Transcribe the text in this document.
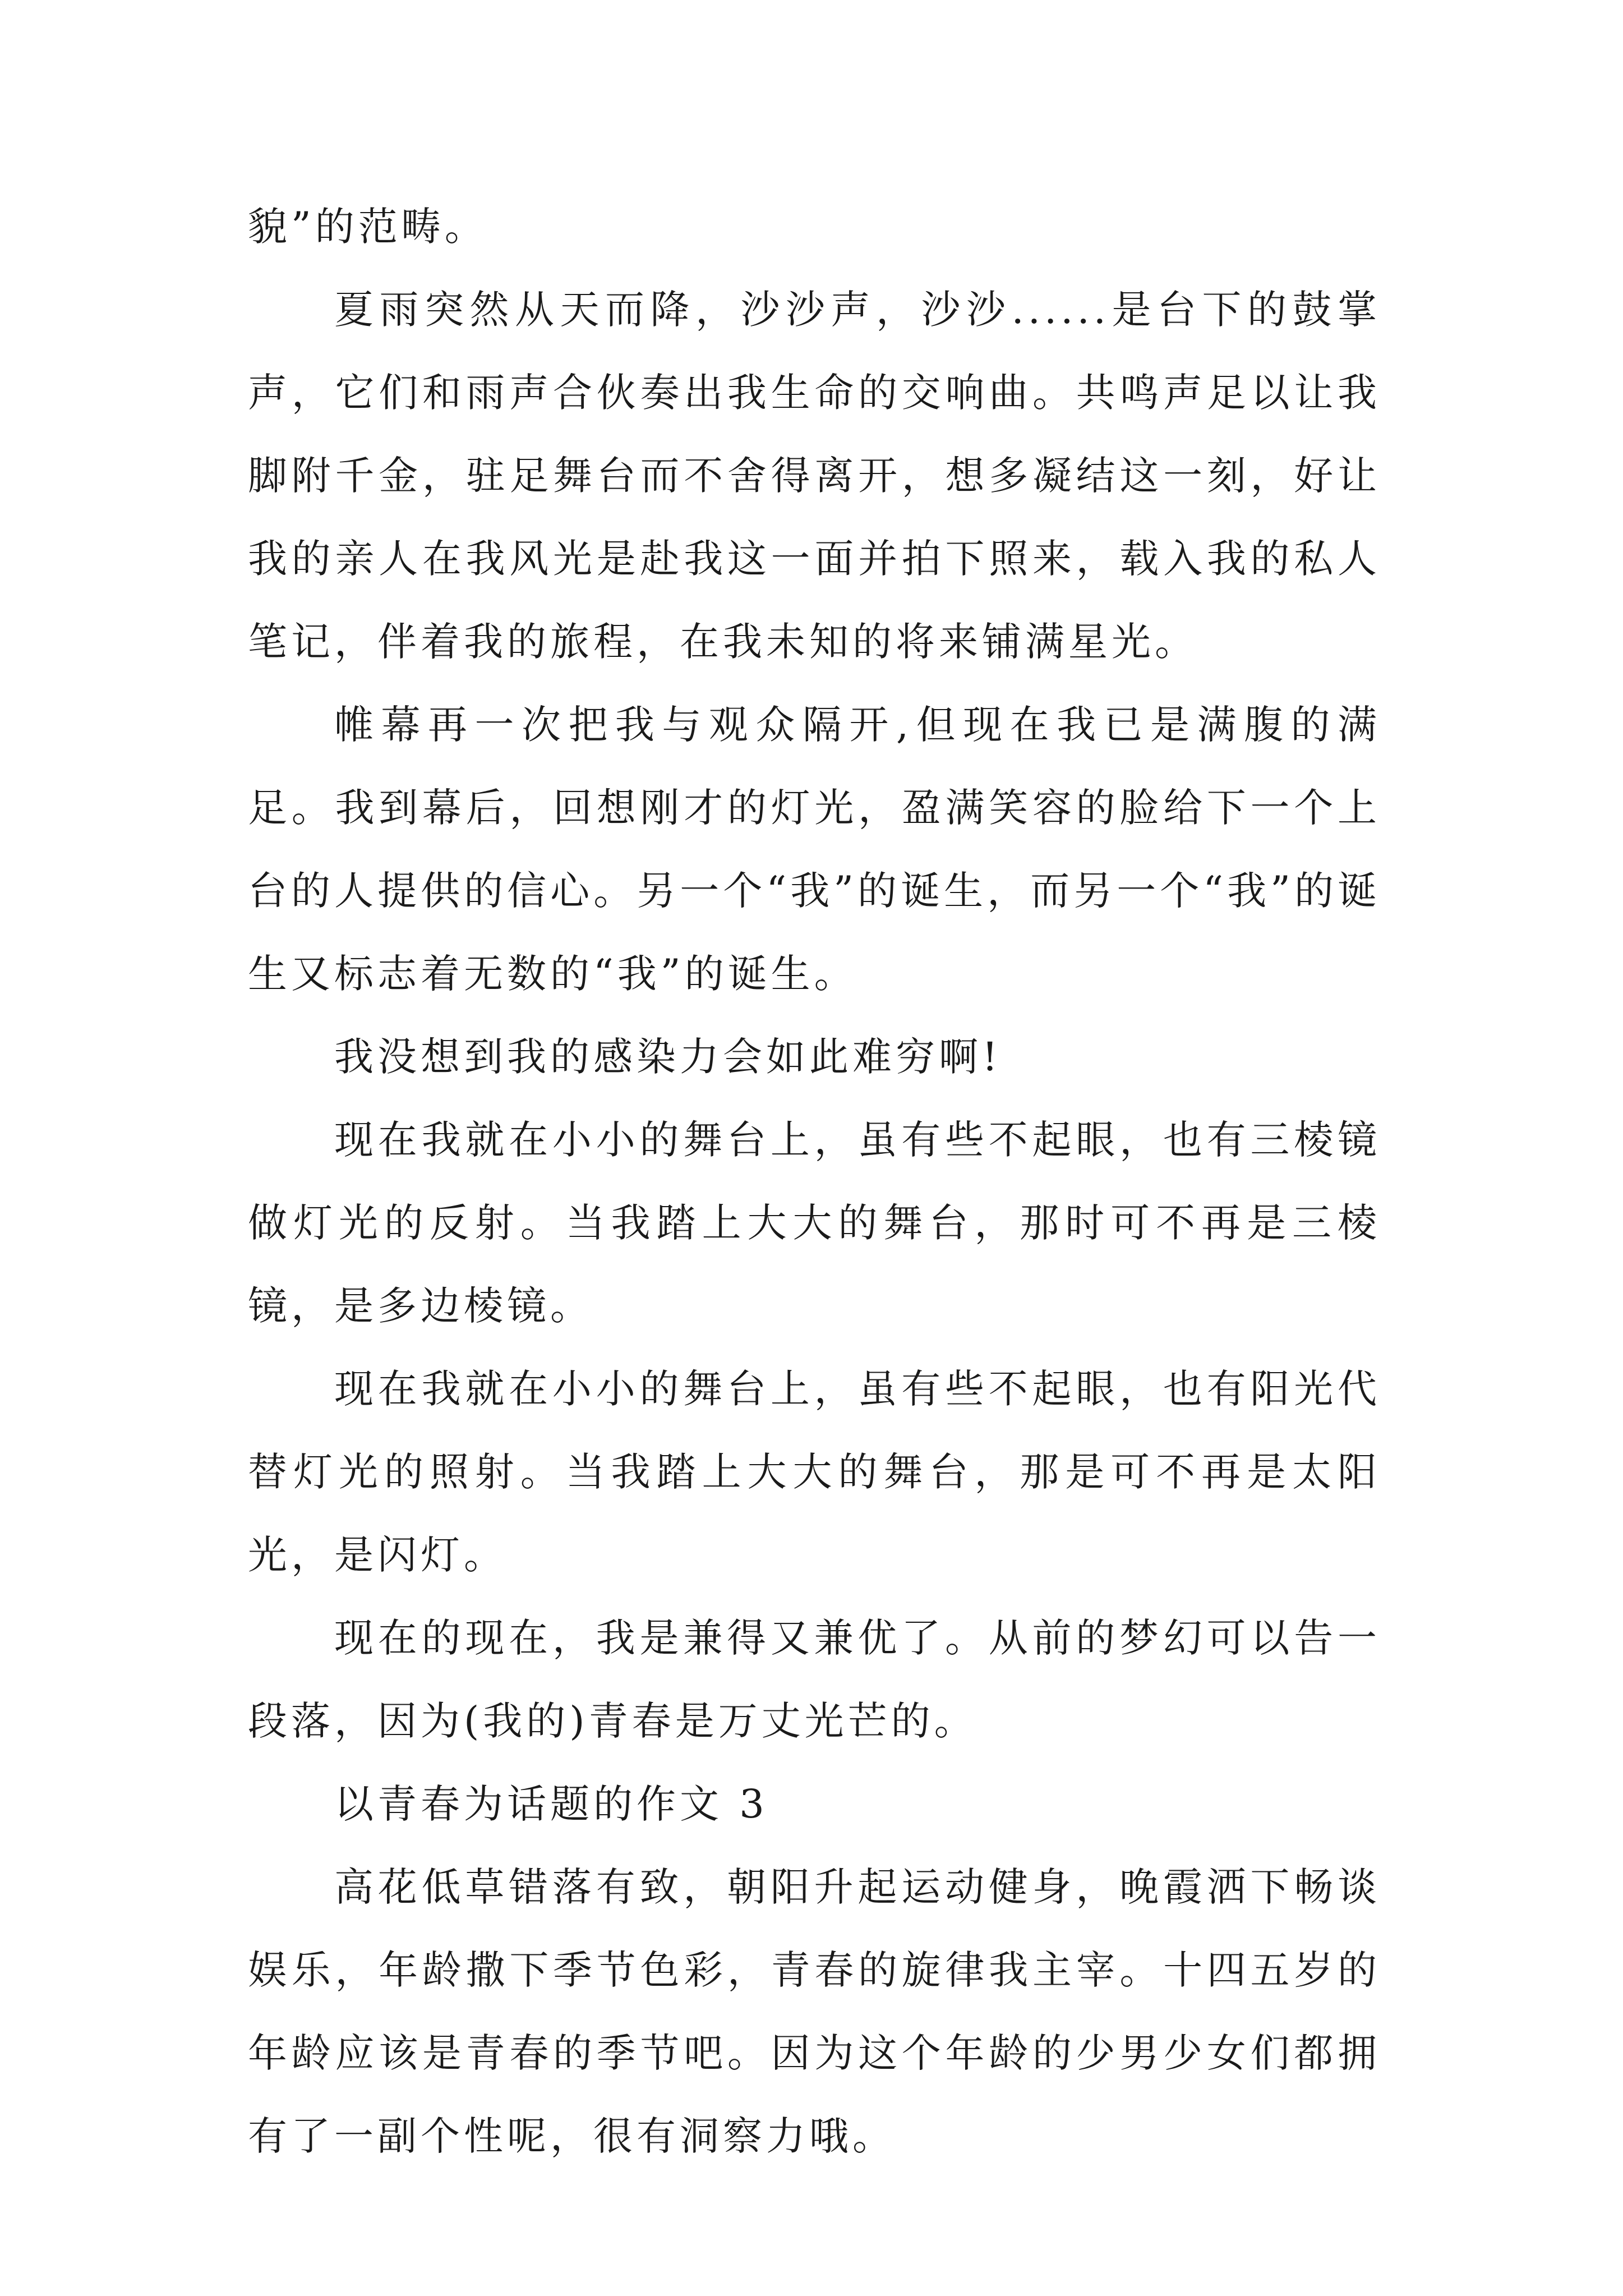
貌”的范畴。

夏雨突然从天而降，沙沙声，沙沙......是台下的鼓掌声，它们和雨声合伙奏出我生命的交响曲。共鸣声足以让我脚附千金，驻足舞台而不舍得离开，想多凝结这一刻，好让我的亲人在我风光是赴我这一面并拍下照来，载入我的私人笔记，伴着我的旅程，在我未知的将来铺满星光。

帷幕再一次把我与观众隔开,但现在我已是满腹的满足。我到幕后，回想刚才的灯光，盈满笑容的脸给下一个上台的人提供的信心。另一个“我”的诞生，而另一个“我”的诞生又标志着无数的“我”的诞生。

我没想到我的感染力会如此难穷啊!

现在我就在小小的舞台上，虽有些不起眼，也有三棱镜做灯光的反射。当我踏上大大的舞台，那时可不再是三棱镜，是多边棱镜。

现在我就在小小的舞台上，虽有些不起眼，也有阳光代替灯光的照射。当我踏上大大的舞台，那是可不再是太阳光，是闪灯。

现在的现在，我是兼得又兼优了。从前的梦幻可以告一段落，因为(我的)青春是万丈光芒的。

以青春为话题的作文 3

高花低草错落有致，朝阳升起运动健身，晚霞洒下畅谈娱乐，年龄撒下季节色彩，青春的旋律我主宰。十四五岁的年龄应该是青春的季节吧。因为这个年龄的少男少女们都拥有了一副个性呢，很有洞察力哦。
